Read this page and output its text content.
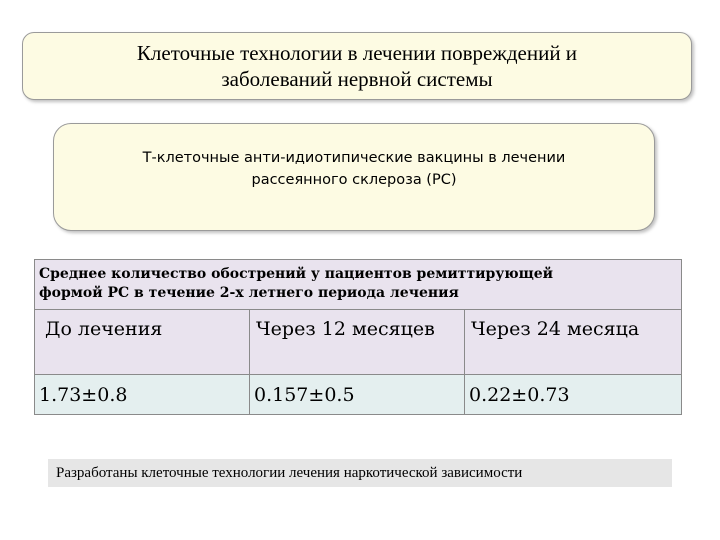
Клеточные технологии в лечении повреждений и
заболеваний нервной системы
Т-клеточные анти-идиотипические вакцины в лечении
рассеянного склероза (РС)
Среднее количество обострений у пациентов ремиттирующей
формой РС в течение 2-х летнего периода лечения
До лечения	Через 12 месяцев	Через 24 месяца
1.73±0.8	0.157±0.5	0.22±0.73
Разработаны клеточные технологии лечения наркотической зависимости
